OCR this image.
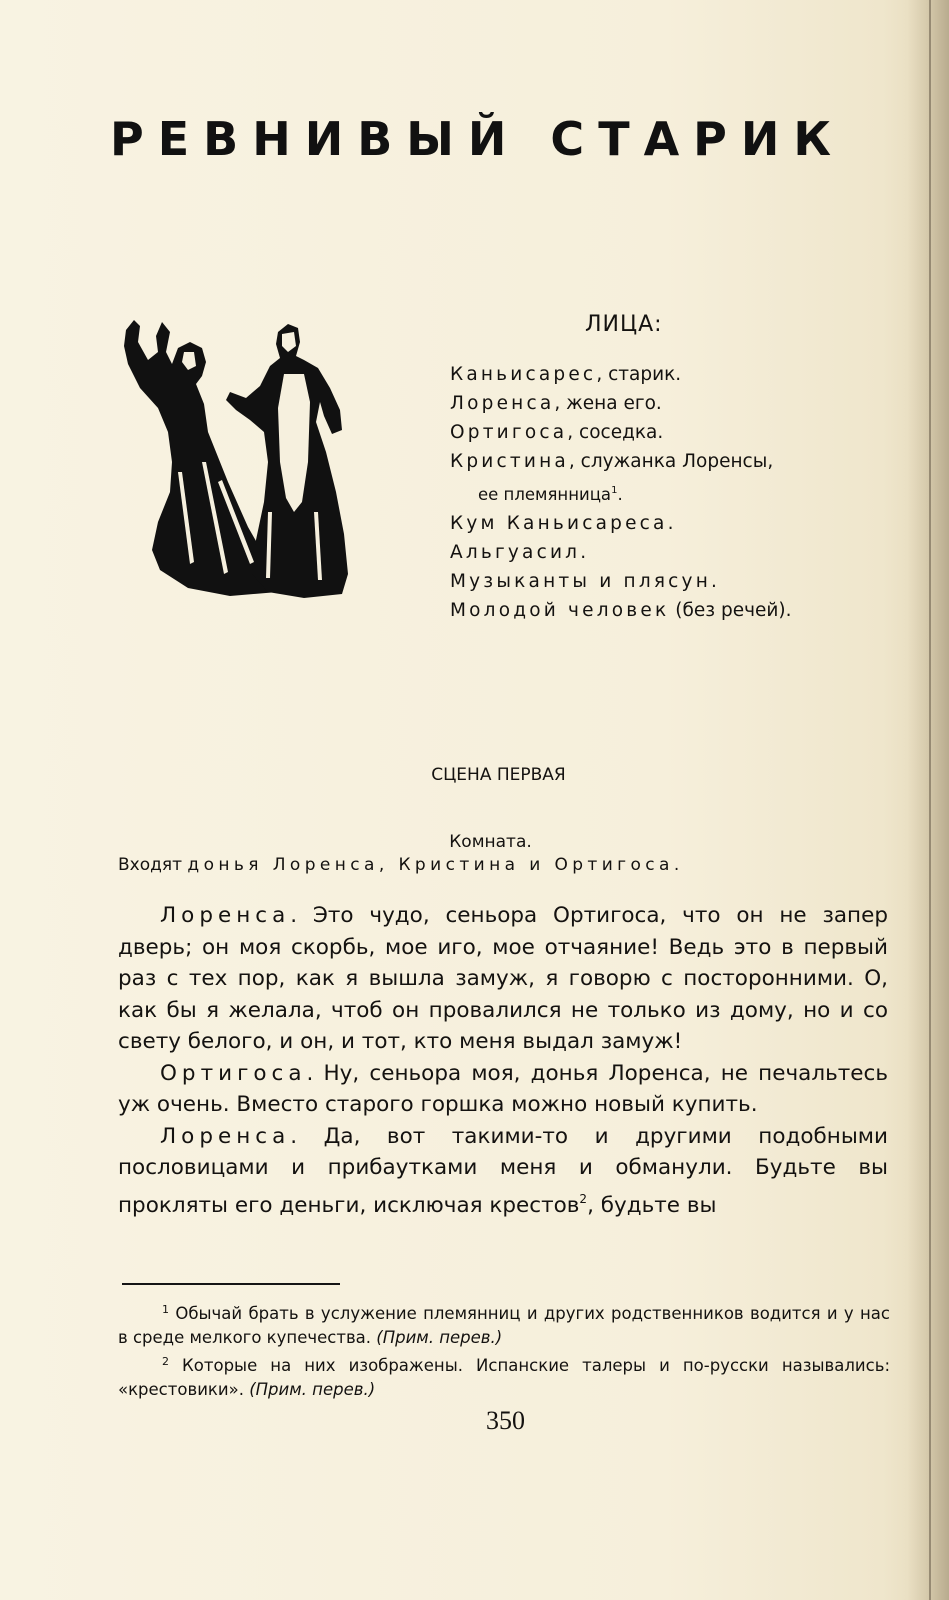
РЕВНИВЫЙ СТАРИК
ЛИЦА:
Каньисарес, старик.
Лоренса, жена его.
Ортигоса, соседка.
Кристина, служанка Лоренсы,
ее племянница$^1$.
Кум Каньисареса.
Альгуасил.
Музыканты и плясун.
Молодой человек (без речей).
СЦЕНА ПЕРВАЯ
Комната.
Входят донья Лоренса, Кристина и Ортигоса.

Лоренса. Это чудо, сеньора Ортигоса, что он не запер дверь; он моя скорбь, мое иго, мое отчаяние! Ведь это в первый раз с тех пор, как я вышла замуж, я говорю с посторонними. О, как бы я желала, чтоб он провалился не только из дому, но и со свету белого, и он, и тот, кто меня выдал замуж!

Ортигоса. Ну, сеньора моя, донья Лоренса, не печальтесь уж очень. Вместо старого горшка можно новый купить.

Лоренса. Да, вот такими-то и другими подобными пословицами и прибаутками меня и обманули. Будьте вы прокляты его деньги, исключая крестов$^2$, будьте вы

$^1$ Обычай брать в услужение племянниц и других родственников водится и у нас в среде мелкого купечества. (Прим. перев.)

$^2$ Которые на них изображены. Испанские талеры и по-русски назывались: «крестовики». (Прим. перев.)

350
